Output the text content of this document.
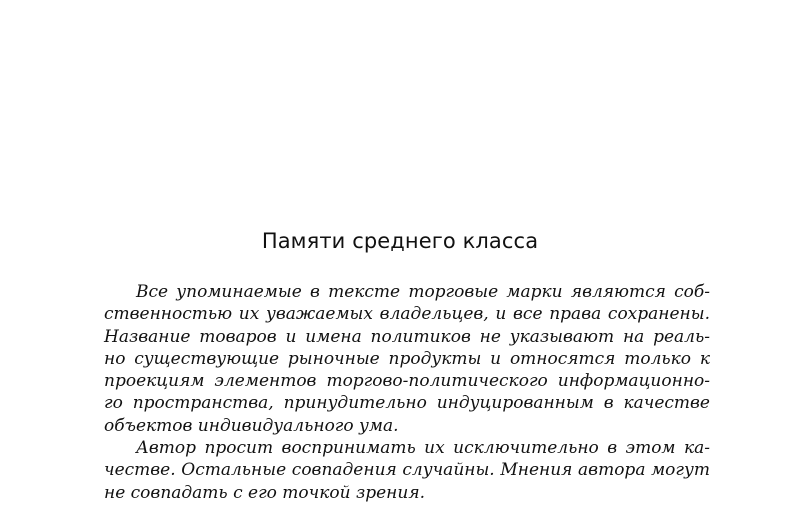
Памяти среднего класса
Все упоминаемые в тексте торговые марки являются соб-
ственностью их уважаемых владельцев, и все права сохранены.
Название товаров и имена политиков не указывают на реаль-
но существующие рыночные продукты и относятся только к
проекциям элементов торгово-политического информационно-
го пространства, принудительно индуцированным в качестве
объектов индивидуального ума.
Автор просит воспринимать их исключительно в этом ка-
честве. Остальные совпадения случайны. Мнения автора могут
не совпадать с его точкой зрения.
